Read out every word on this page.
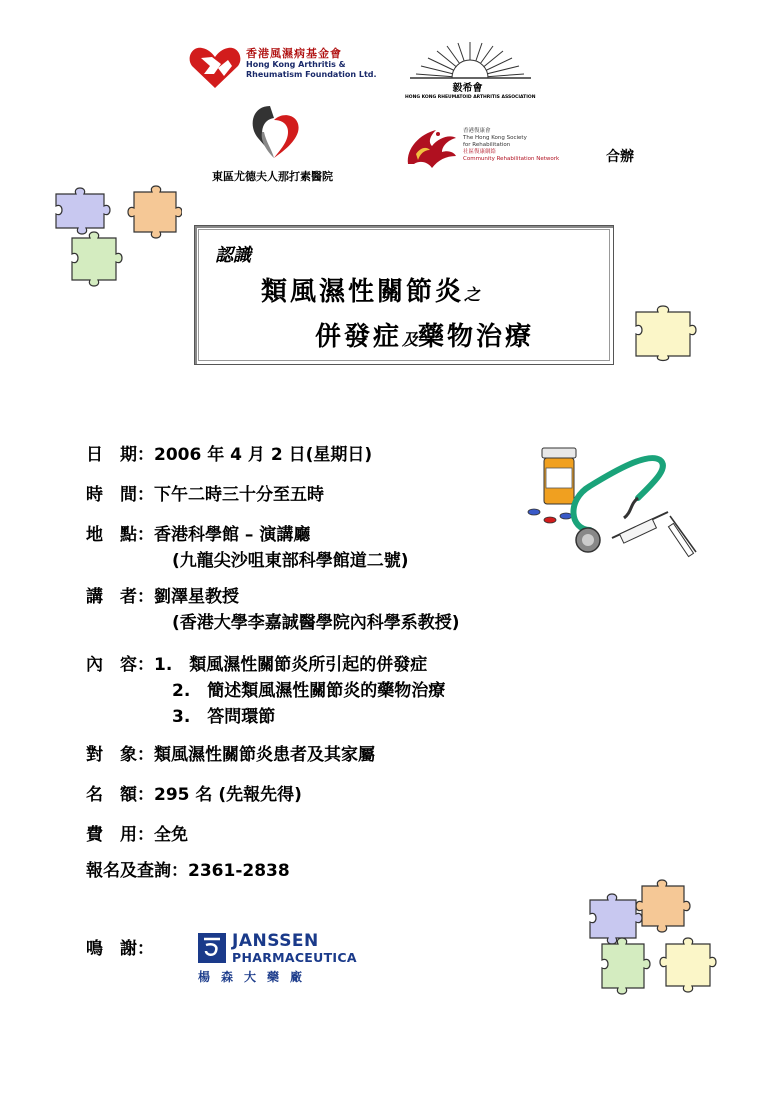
香港風濕病基金會
Hong Kong Arthritis &
Rheumatism Foundation Ltd.
毅希會
HONG KONG RHEUMATOID ARTHRITIS ASSOCIATION
東區尤德夫人那打素醫院
香港復康會
The Hong Kong Society
for Rehabilitation
社區復康網絡
Community Rehabilitation Network	合辦
認識
類風濕性關節炎之
併發症及藥物治療
日　期：2006 年 4 月 2 日(星期日)
時　間：下午二時三十分至五時
地　點：香港科學館 – 演講廳
(九龍尖沙咀東部科學館道二號)
講　者：劉澤星教授
(香港大學李嘉誠醫學院內科學系教授)
內　容：1.　類風濕性關節炎所引起的併發症
2.　簡述類風濕性關節炎的藥物治療
3.　答問環節
對　象：類風濕性關節炎患者及其家屬
名　額：295 名 (先報先得)
費　用：全免
報名及查詢：2361-2838
鳴　謝：	JANSSEN
PHARMACEUTICA
楊森大藥廠
